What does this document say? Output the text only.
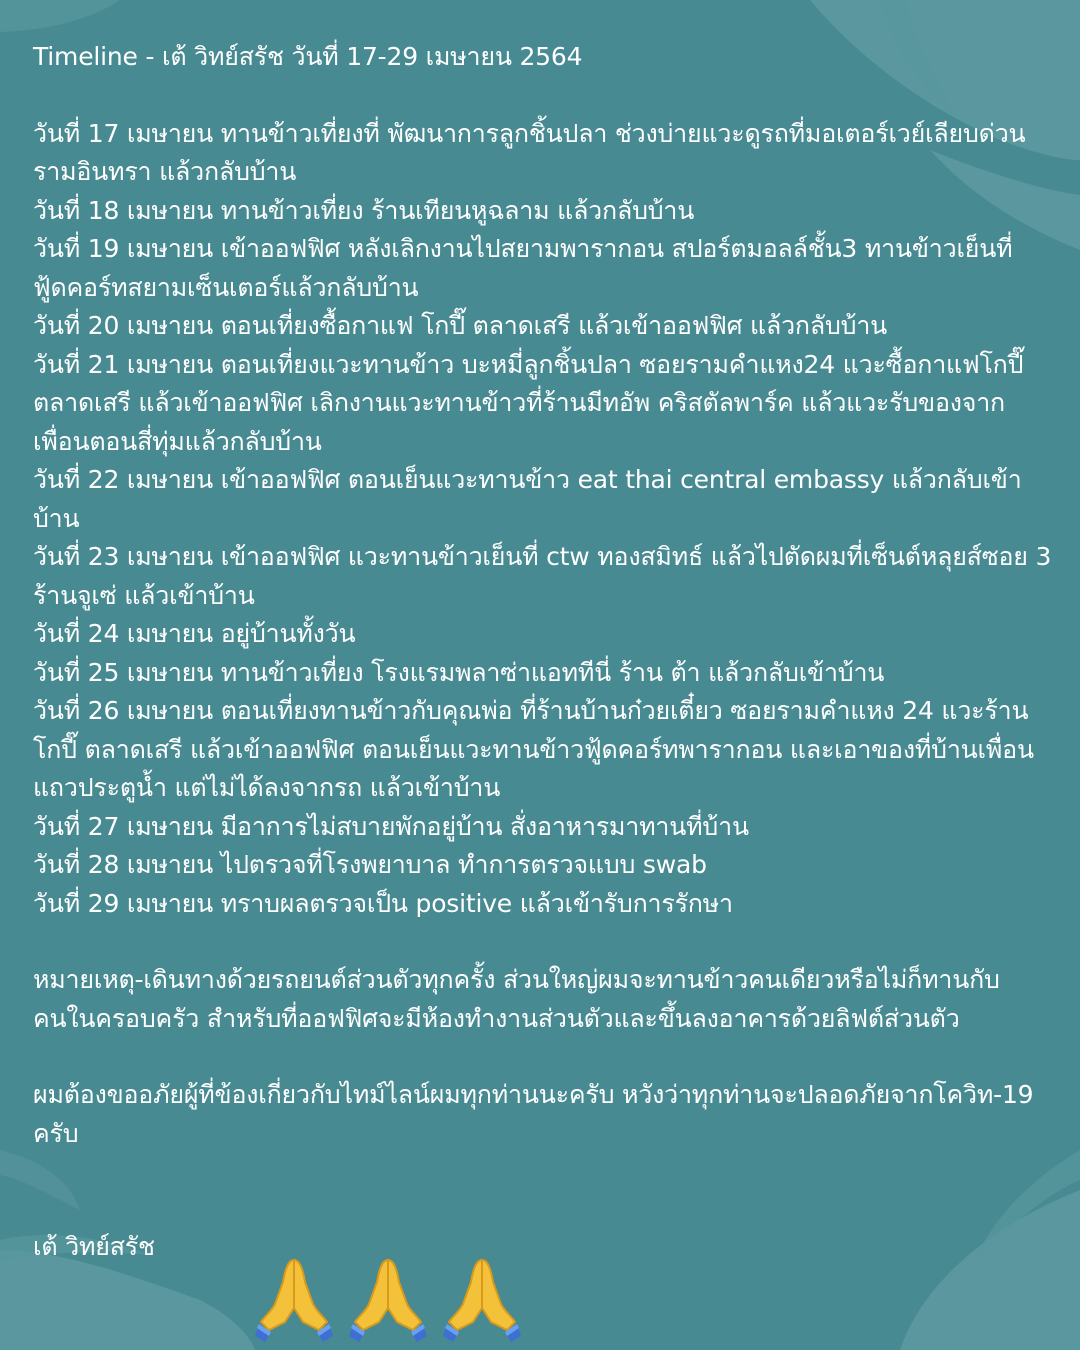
Timeline - เต้ วิทย์สรัช วันที่ 17-29 เมษายน 2564

วันที่ 17 เมษายน ทานข้าวเที่ยงที่ พัฒนาการลูกชิ้นปลา ช่วงบ่ายแวะดูรถที่มอเตอร์เวย์เลียบด่วนรามอินทรา แล้วกลับบ้าน
วันที่ 18 เมษายน ทานข้าวเที่ยง ร้านเทียนหูฉลาม แล้วกลับบ้าน
วันที่ 19 เมษายน เข้าออฟฟิศ หลังเลิกงานไปสยามพารากอน สปอร์ตมอลล์ชั้น3 ทานข้าวเย็นที่ ฟู้ดคอร์ทสยามเซ็นเตอร์แล้วกลับบ้าน
วันที่ 20 เมษายน ตอนเที่ยงซื้อกาแฟ โกปี๊ ตลาดเสรี แล้วเข้าออฟฟิศ แล้วกลับบ้าน
วันที่ 21 เมษายน ตอนเที่ยงแวะทานข้าว บะหมี่ลูกชิ้นปลา ซอยรามคำแหง24 แวะซื้อกาแฟโกปี๊ ตลาดเสรี แล้วเข้าออฟฟิศ เลิกงานแวะทานข้าวที่ร้านมีทอัพ คริสตัลพาร์ค แล้วแวะรับของจากเพื่อนตอนสี่ทุ่มแล้วกลับบ้าน
วันที่ 22 เมษายน เข้าออฟฟิศ ตอนเย็นแวะทานข้าว eat thai central embassy แล้วกลับเข้าบ้าน
วันที่ 23 เมษายน เข้าออฟฟิศ แวะทานข้าวเย็นที่ ctw ทองสมิทธ์ แล้วไปตัดผมที่เซ็นต์หลุยส์ซอย 3 ร้านจูเซ่ แล้วเข้าบ้าน
วันที่ 24 เมษายน อยู่บ้านทั้งวัน
วันที่ 25 เมษายน ทานข้าวเที่ยง โรงแรมพลาซ่าแอททีนี่ ร้าน ต้า แล้วกลับเข้าบ้าน
วันที่ 26 เมษายน ตอนเที่ยงทานข้าวกับคุณพ่อ ที่ร้านบ้านก๋วยเตี๋ยว ซอยรามคำแหง 24 แวะร้านโกปี๊ ตลาดเสรี แล้วเข้าออฟฟิศ ตอนเย็นแวะทานข้าวฟู้ดคอร์ทพารากอน และเอาของที่บ้านเพื่อนแถวประตูน้ำ แต่ไม่ได้ลงจากรถ แล้วเข้าบ้าน
วันที่ 27 เมษายน มีอาการไม่สบายพักอยู่บ้าน สั่งอาหารมาทานที่บ้าน
วันที่ 28 เมษายน ไปตรวจที่โรงพยาบาล ทำการตรวจแบบ swab
วันที่ 29 เมษายน ทราบผลตรวจเป็น positive แล้วเข้ารับการรักษา

หมายเหตุ-เดินทางด้วยรถยนต์ส่วนตัวทุกครั้ง ส่วนใหญ่ผมจะทานข้าวคนเดียวหรือไม่ก็ทานกับคนในครอบครัว สำหรับที่ออฟฟิศจะมีห้องทำงานส่วนตัวและขึ้นลงอาคารด้วยลิฟต์ส่วนตัว

ผมต้องขออภัยผู้ที่ข้องเกี่ยวกับไทม์ไลน์ผมทุกท่านนะครับ หวังว่าทุกท่านจะปลอดภัยจากโควิท-19 ครับ

เต้ วิทย์สรัช
